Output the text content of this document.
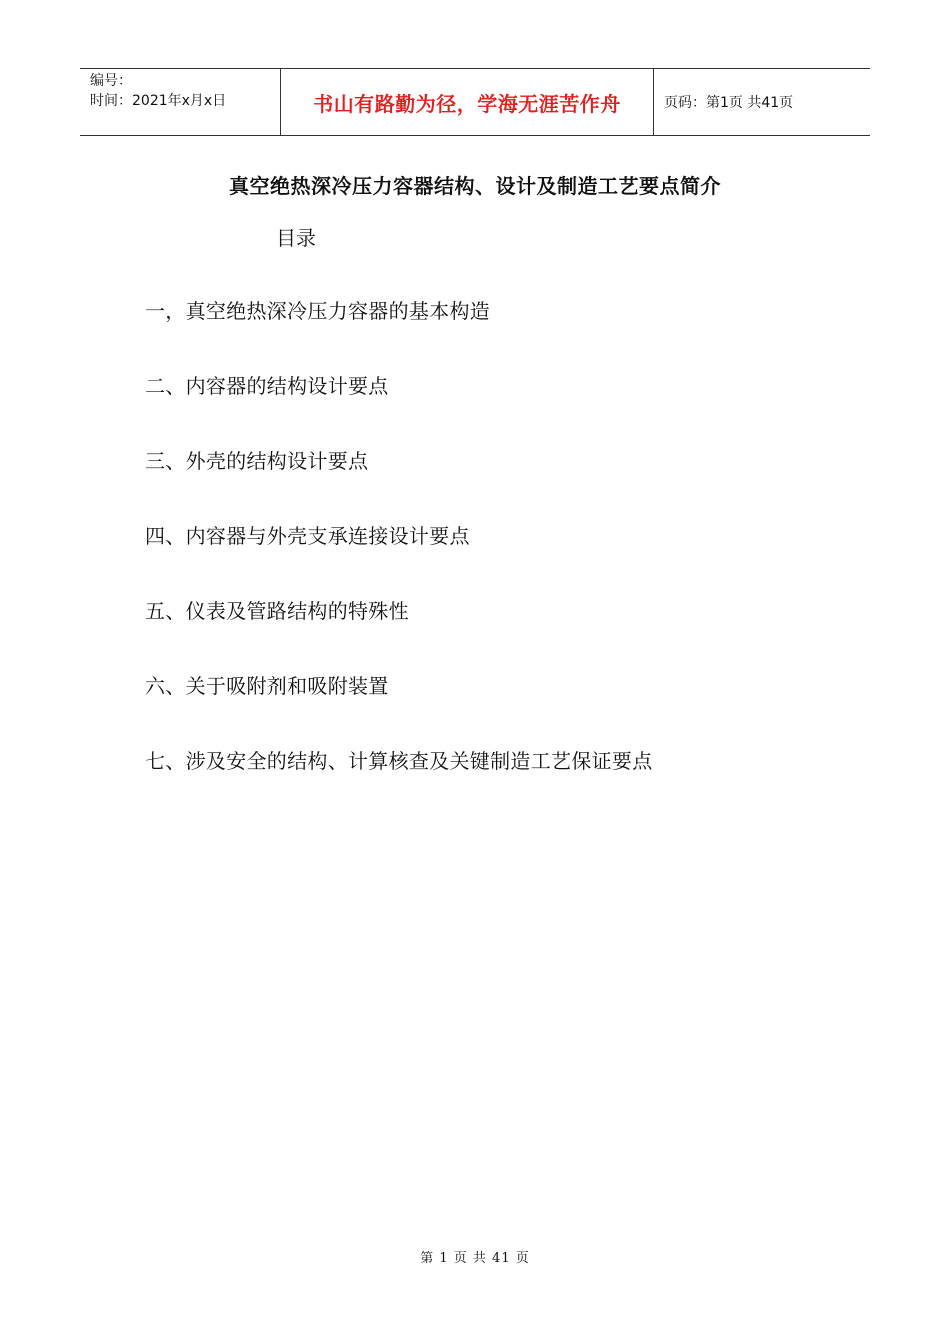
编号：
时间：2021年x月x日	书山有路勤为径，学海无涯苦作舟	页码：第1页 共41页
真空绝热深冷压力容器结构、设计及制造工艺要点简介
目录
一，真空绝热深冷压力容器的基本构造
二、内容器的结构设计要点
三、外壳的结构设计要点
四、内容器与外壳支承连接设计要点
五、仪表及管路结构的特殊性
六、关于吸附剂和吸附装置
七、涉及安全的结构、计算核查及关键制造工艺保证要点
第 1 页 共 41 页
